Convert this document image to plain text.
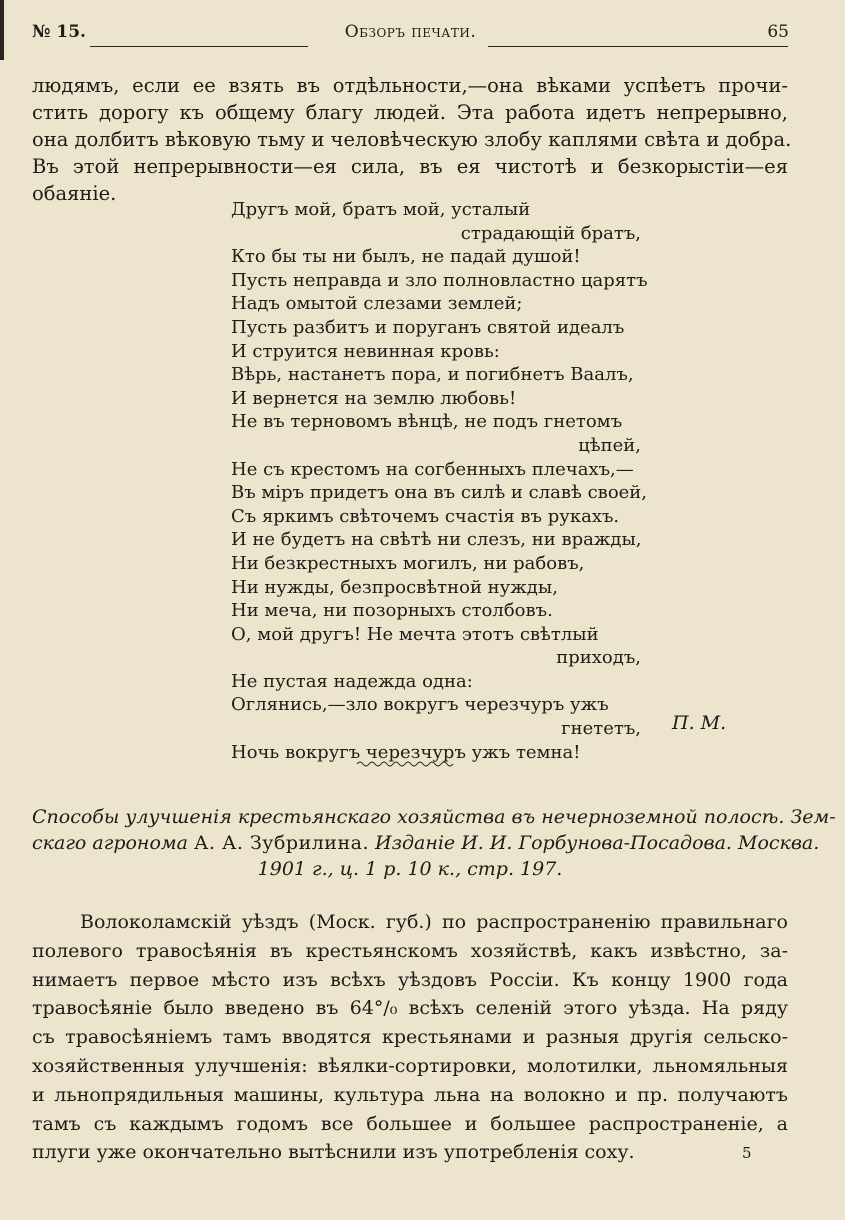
№ 15.	Обзоръ печати.	65
людямъ, если ее взять въ отдѣльности,—она вѣками успѣетъ прочи-
стить дорогу къ общему благу людей. Эта работа идетъ непрерывно,
она долбитъ вѣковую тьму и человѣческую злобу каплями свѣта и добра.
Въ этой непрерывности—ея сила, въ ея чистотѣ и безкорыстіи—ея
обаяніе.
Другъ мой, братъ мой, усталый
страдающій братъ,
Кто бы ты ни былъ, не падай душой!
Пусть неправда и зло полновластно царятъ
Надъ омытой слезами землей;
Пусть разбитъ и поруганъ святой идеалъ
И струится невинная кровь:
Вѣрь, настанетъ пора, и погибнетъ Ваалъ,
И вернется на землю любовь!
Не въ терновомъ вѣнцѣ, не подъ гнетомъ
цѣпей,
Не съ крестомъ на согбенныхъ плечахъ,—
Въ міръ придетъ она въ силѣ и славѣ своей,
Съ яркимъ свѣточемъ счастія въ рукахъ.
И не будетъ на свѣтѣ ни слезъ, ни вражды,
Ни безкрестныхъ могилъ, ни рабовъ,
Ни нужды, безпросвѣтной нужды,
Ни меча, ни позорныхъ столбовъ.
О, мой другъ! Не мечта этотъ свѣтлый
приходъ,
Не пустая надежда одна:
Оглянись,—зло вокругъ черезчуръ ужъ
гнететъ,
Ночь вокругъ черезчуръ ужъ темна!
П. М.
Способы улучшенія крестьянскаго хозяйства въ нечерноземной полосѣ. Зем-
скаго агронома А. А. Зубрилина. Изданіе И. И. Горбунова-Посадова. Москва.
1901 г., ц. 1 р. 10 к., стр. 197.
Волоколамскій уѣздъ (Моск. губ.) по распространенію правильнаго
полевого травосѣянія въ крестьянскомъ хозяйствѣ, какъ извѣстно, за-
нимаетъ первое мѣсто изъ всѣхъ уѣздовъ Россіи. Къ концу 1900 года
травосѣяніе было введено въ 64°/₀ всѣхъ селеній этого уѣзда. На ряду
съ травосѣяніемъ тамъ вводятся крестьянами и разныя другія сельско-
хозяйственныя улучшенія: вѣялки-сортировки, молотилки, льномяльныя
и льнопрядильныя машины, культура льна на волокно и пр. получаютъ
тамъ съ каждымъ годомъ все большее и большее распространеніе, а
плуги уже окончательно вытѣснили изъ употребленія соху.	5
